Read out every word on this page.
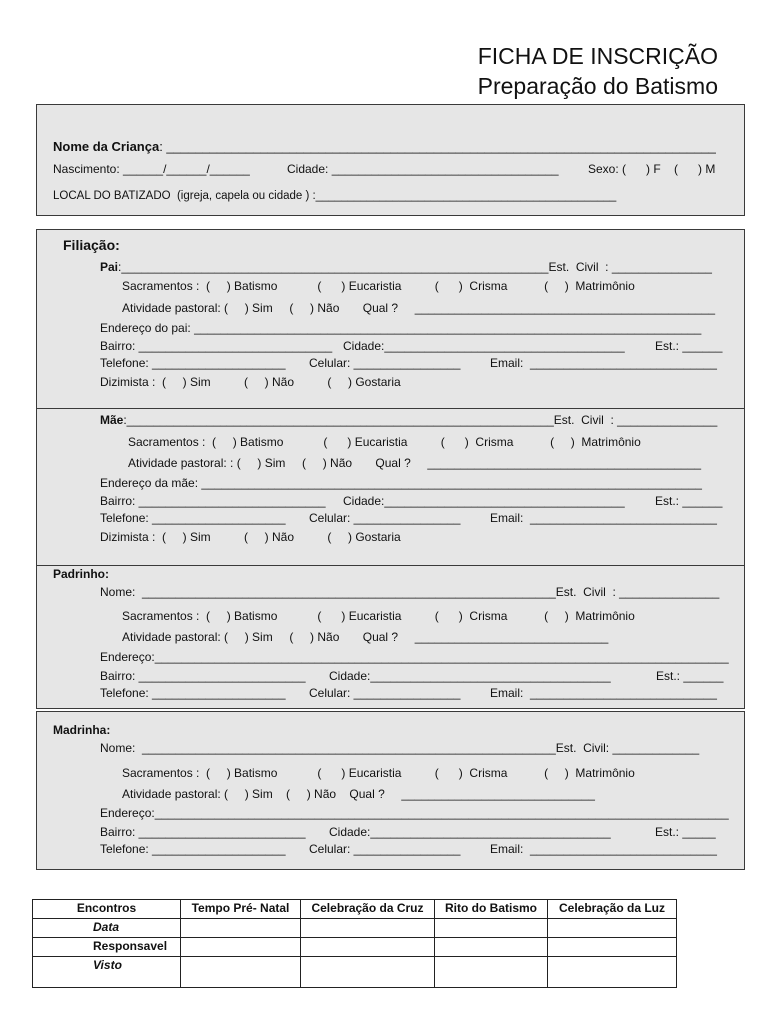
FICHA DE INSCRIÇÃO
Preparação do Batismo
Nome da Criança: ____________________________________________________________________________
Nascimento: ______/______/______	Cidade: __________________________________ Sexo: (      ) F    (      ) M
LOCAL DO BATIZADO  (igreja, capela ou cidade ) :_______________________________________________
Filiação:
Pai:________________________________________________________________Est.  Civil  : _______________
Sacramentos :  (     ) Batismo            (      ) Eucaristia          (      )  Crisma           (     )  Matrimônio
Atividade pastoral: (     ) Sim     (     ) Não       Qual ?     _____________________________________________
Endereço do pai: ____________________________________________________________________________
Bairro: _____________________________ Cidade:____________________________________	Est.: ______
Telefone: ____________________ Celular: ________________ Email:  ____________________________
Dizimista :  (     ) Sim          (     ) Não          (     ) Gostaria
Mãe:________________________________________________________________Est.  Civil  : _______________
Sacramentos :  (     ) Batismo            (      ) Eucaristia          (      )  Crisma           (     )  Matrimônio
Atividade pastoral: : (     ) Sim     (     ) Não       Qual ?     _________________________________________
Endereço da mãe: ___________________________________________________________________________
Bairro: ____________________________ Cidade:____________________________________	Est.: ______
Telefone: ____________________ Celular: ________________ Email:  ____________________________
Dizimista :  (     ) Sim          (     ) Não          (     ) Gostaria
Padrinho:
Nome:  ______________________________________________________________Est.  Civil  : _______________
Sacramentos :  (     ) Batismo            (      ) Eucaristia          (      )  Crisma           (     )  Matrimônio
Atividade pastoral: (     ) Sim     (     ) Não       Qual ?     _____________________________
Endereço:______________________________________________________________________________________
Bairro: _________________________ Cidade:____________________________________	Est.: ______
Telefone: ____________________ Celular: ________________ Email:  ____________________________
Madrinha:
Nome:  ______________________________________________________________Est.  Civil: _____________
Sacramentos :  (     ) Batismo            (      ) Eucaristia          (      )  Crisma           (     )  Matrimônio
Atividade pastoral: (     ) Sim    (     ) Não    Qual ?     _____________________________
Endereço:______________________________________________________________________________________
Bairro: _________________________ Cidade:____________________________________	Est.: _____
Telefone: ____________________ Celular: ________________ Email:  ____________________________
Encontros	Tempo Pré- Natal	Celebração da Cruz	Rito do Batismo	Celebração da Luz
Data				
Responsavel				
Visto				
